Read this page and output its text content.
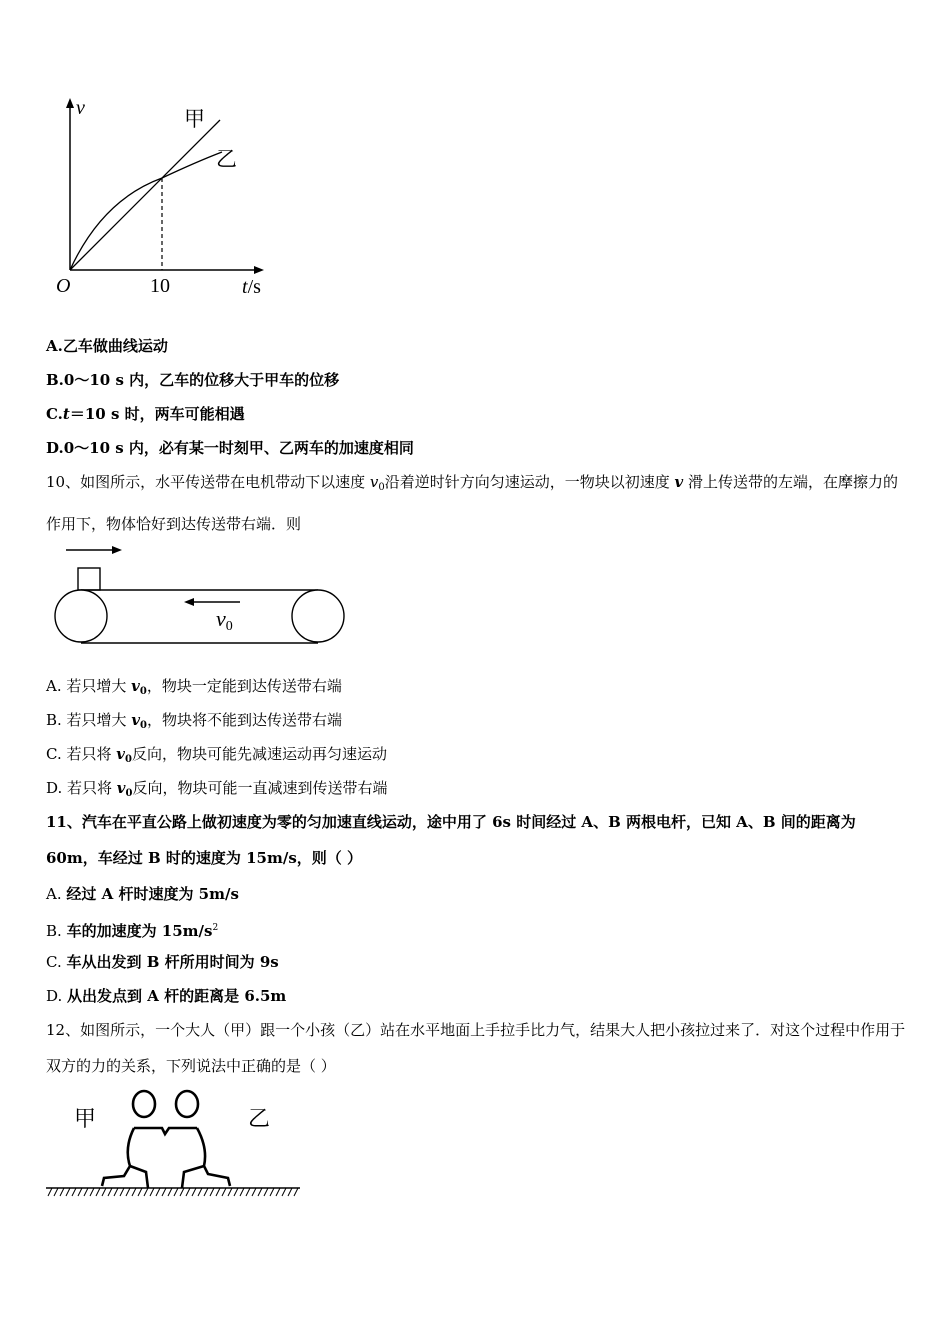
v	甲
乙
O	10	t/s
A.乙车做曲线运动
B.0～10 s 内，乙车的位移大于甲车的位移
C.t＝10 s 时，两车可能相遇
D.0～10 s 内，必有某一时刻甲、乙两车的加速度相同
10、如图所示，水平传送带在电机带动下以速度 $v_0$沿着逆时针方向匀速运动，一物块以初速度 v 滑上传送带的左端，在摩擦力的作用下，物体恰好到达传送带右端．则
v0
A. 若只增大 $v_0$，物块一定能到达传送带右端
B. 若只增大 $v_0$，物块将不能到达传送带右端
C. 若只将 $v_0$反向，物块可能先减速运动再匀速运动
D. 若只将 $v_0$反向，物块可能一直减速到传送带右端
11、汽车在平直公路上做初速度为零的匀加速直线运动，途中用了 6s 时间经过 A、B 两根电杆，已知 A、B 间的距离为 60m，车经过 B 时的速度为 15m/s，则（ ）
A. 经过 A 杆时速度为 5m/s
B. 车的加速度为 $15m/s^2$
C. 车从出发到 B 杆所用时间为 9s
D. 从出发点到 A 杆的距离是 6.5m
12、如图所示，一个大人（甲）跟一个小孩（乙）站在水平地面上手拉手比力气，结果大人把小孩拉过来了．对这个过程中作用于双方的力的关系，下列说法中正确的是（ ）
甲	乙
